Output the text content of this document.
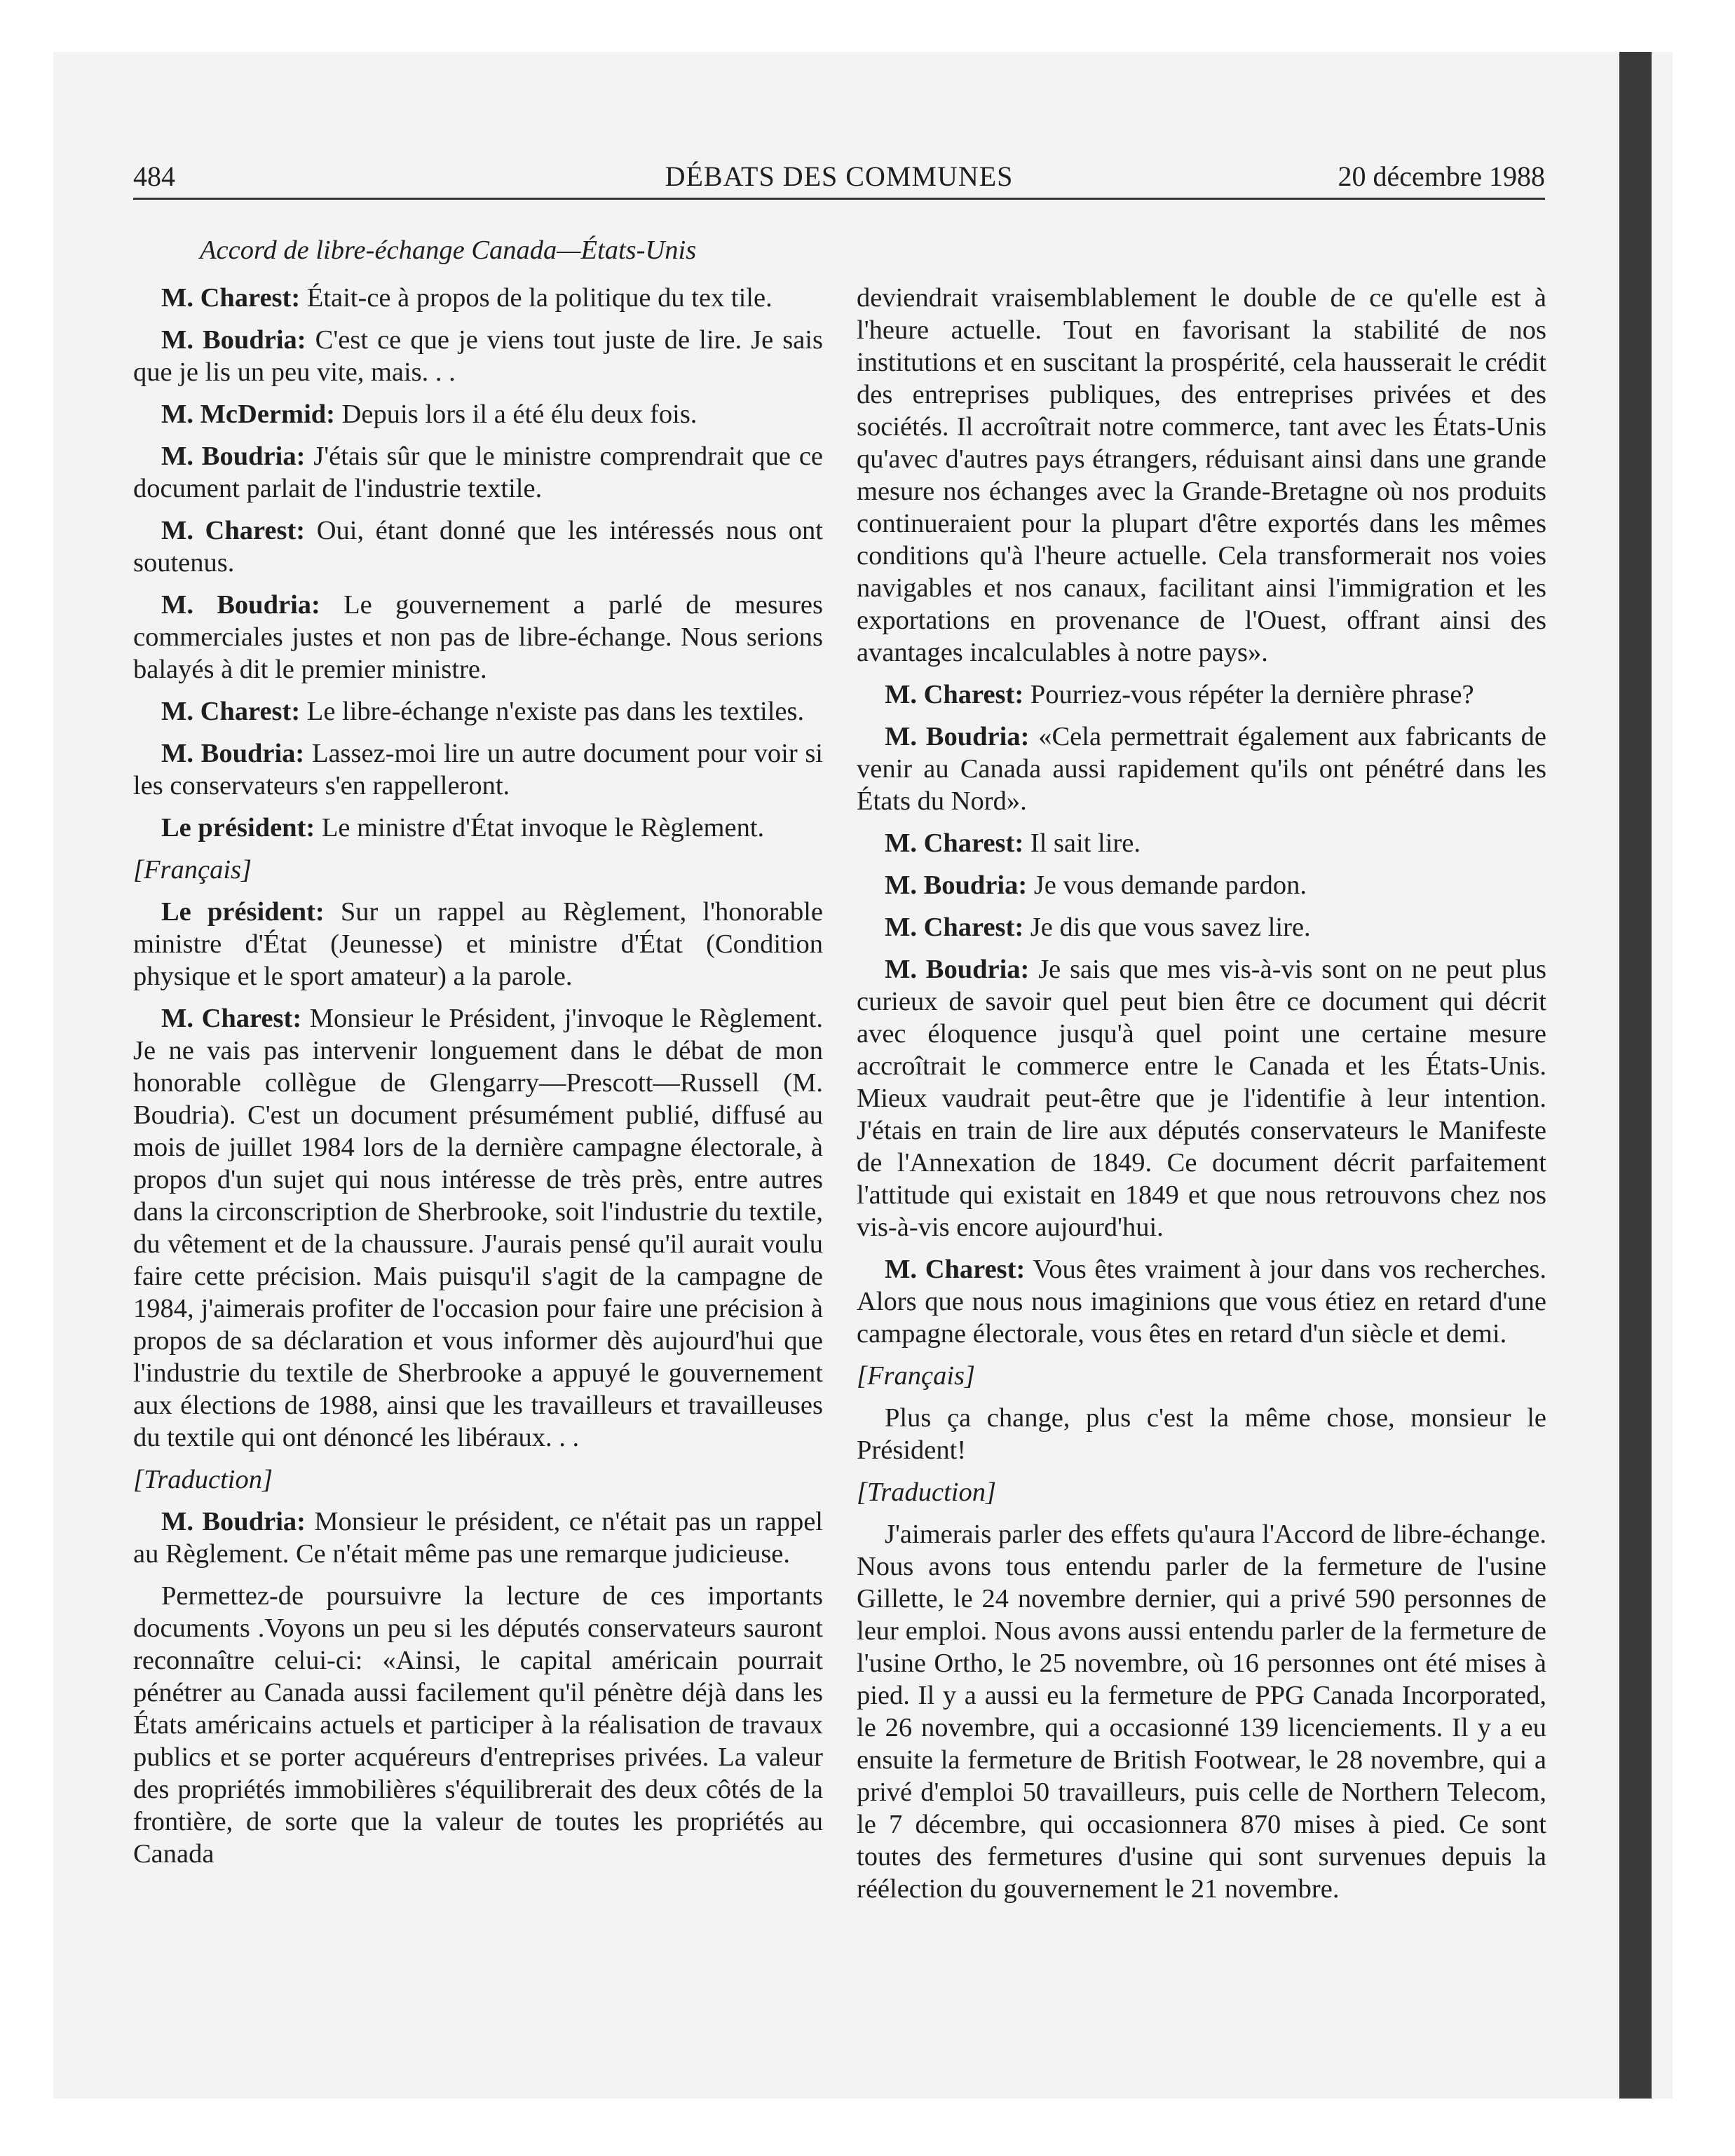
484	DÉBATS DES COMMUNES	20 décembre 1988
Accord de libre-échange Canada—États-Unis
M. Charest: Était-ce à propos de la politique du tex tile.
M. Boudria: C'est ce que je viens tout juste de lire. Je sais que je lis un peu vite, mais. . .
M. McDermid: Depuis lors il a été élu deux fois.
M. Boudria: J'étais sûr que le ministre comprendrait que ce document parlait de l'industrie textile.
M. Charest: Oui, étant donné que les intéressés nous ont soutenus.
M. Boudria: Le gouvernement a parlé de mesures commerciales justes et non pas de libre-échange. Nous serions balayés à dit le premier ministre.
M. Charest: Le libre-échange n'existe pas dans les textiles.
M. Boudria: Lassez-moi lire un autre document pour voir si les conservateurs s'en rappelleront.
Le président: Le ministre d'État invoque le Règlement.
[Français]
Le président: Sur un rappel au Règlement, l'honorable ministre d'État (Jeunesse) et ministre d'État (Condition physique et le sport amateur) a la parole.
M. Charest: Monsieur le Président, j'invoque le Règlement. Je ne vais pas intervenir longuement dans le débat de mon honorable collègue de Glengarry—Prescott—Russell (M. Boudria). C'est un document présumément publié, diffusé au mois de juillet 1984 lors de la dernière campagne électorale, à propos d'un sujet qui nous intéresse de très près, entre autres dans la circonscription de Sherbrooke, soit l'industrie du textile, du vêtement et de la chaussure. J'aurais pensé qu'il aurait voulu faire cette précision. Mais puisqu'il s'agit de la campagne de 1984, j'aimerais profiter de l'occasion pour faire une précision à propos de sa déclaration et vous informer dès aujourd'hui que l'industrie du textile de Sherbrooke a appuyé le gouvernement aux élections de 1988, ainsi que les travailleurs et travailleuses du textile qui ont dénoncé les libéraux. . .
[Traduction]
M. Boudria: Monsieur le président, ce n'était pas un rappel au Règlement. Ce n'était même pas une remarque judicieuse.
Permettez-de poursuivre la lecture de ces importants documents .Voyons un peu si les députés conservateurs sauront reconnaître celui-ci: «Ainsi, le capital américain pourrait pénétrer au Canada aussi facilement qu'il pénètre déjà dans les États américains actuels et participer à la réalisation de travaux publics et se porter acquéreurs d'entreprises privées. La valeur des propriétés immobilières s'équilibrerait des deux côtés de la frontière, de sorte que la valeur de toutes les propriétés au Canada
deviendrait vraisemblablement le double de ce qu'elle est à l'heure actuelle. Tout en favorisant la stabilité de nos institutions et en suscitant la prospérité, cela hausserait le crédit des entreprises publiques, des entreprises privées et des sociétés. Il accroîtrait notre commerce, tant avec les États-Unis qu'avec d'autres pays étrangers, réduisant ainsi dans une grande mesure nos échanges avec la Grande-Bretagne où nos produits continueraient pour la plupart d'être exportés dans les mêmes conditions qu'à l'heure actuelle. Cela transformerait nos voies navigables et nos canaux, facilitant ainsi l'immigration et les exportations en provenance de l'Ouest, offrant ainsi des avantages incalculables à notre pays».
M. Charest: Pourriez-vous répéter la dernière phrase?
M. Boudria: «Cela permettrait également aux fabricants de venir au Canada aussi rapidement qu'ils ont pénétré dans les États du Nord».
M. Charest: Il sait lire.
M. Boudria: Je vous demande pardon.
M. Charest: Je dis que vous savez lire.
M. Boudria: Je sais que mes vis-à-vis sont on ne peut plus curieux de savoir quel peut bien être ce document qui décrit avec éloquence jusqu'à quel point une certaine mesure accroîtrait le commerce entre le Canada et les États-Unis. Mieux vaudrait peut-être que je l'identifie à leur intention. J'étais en train de lire aux députés conservateurs le Manifeste de l'Annexation de 1849. Ce document décrit parfaitement l'attitude qui existait en 1849 et que nous retrouvons chez nos vis-à-vis encore aujourd'hui.
M. Charest: Vous êtes vraiment à jour dans vos recherches. Alors que nous nous imaginions que vous étiez en retard d'une campagne électorale, vous êtes en retard d'un siècle et demi.
[Français]
Plus ça change, plus c'est la même chose, monsieur le Président!
[Traduction]
J'aimerais parler des effets qu'aura l'Accord de libre-échange. Nous avons tous entendu parler de la fermeture de l'usine Gillette, le 24 novembre dernier, qui a privé 590 personnes de leur emploi. Nous avons aussi entendu parler de la fermeture de l'usine Ortho, le 25 novembre, où 16 personnes ont été mises à pied. Il y a aussi eu la fermeture de PPG Canada Incorporated, le 26 novembre, qui a occasionné 139 licenciements. Il y a eu ensuite la fermeture de British Footwear, le 28 novembre, qui a privé d'emploi 50 travailleurs, puis celle de Northern Telecom, le 7 décembre, qui occasionnera 870 mises à pied. Ce sont toutes des fermetures d'usine qui sont survenues depuis la réélection du gouvernement le 21 novembre.
